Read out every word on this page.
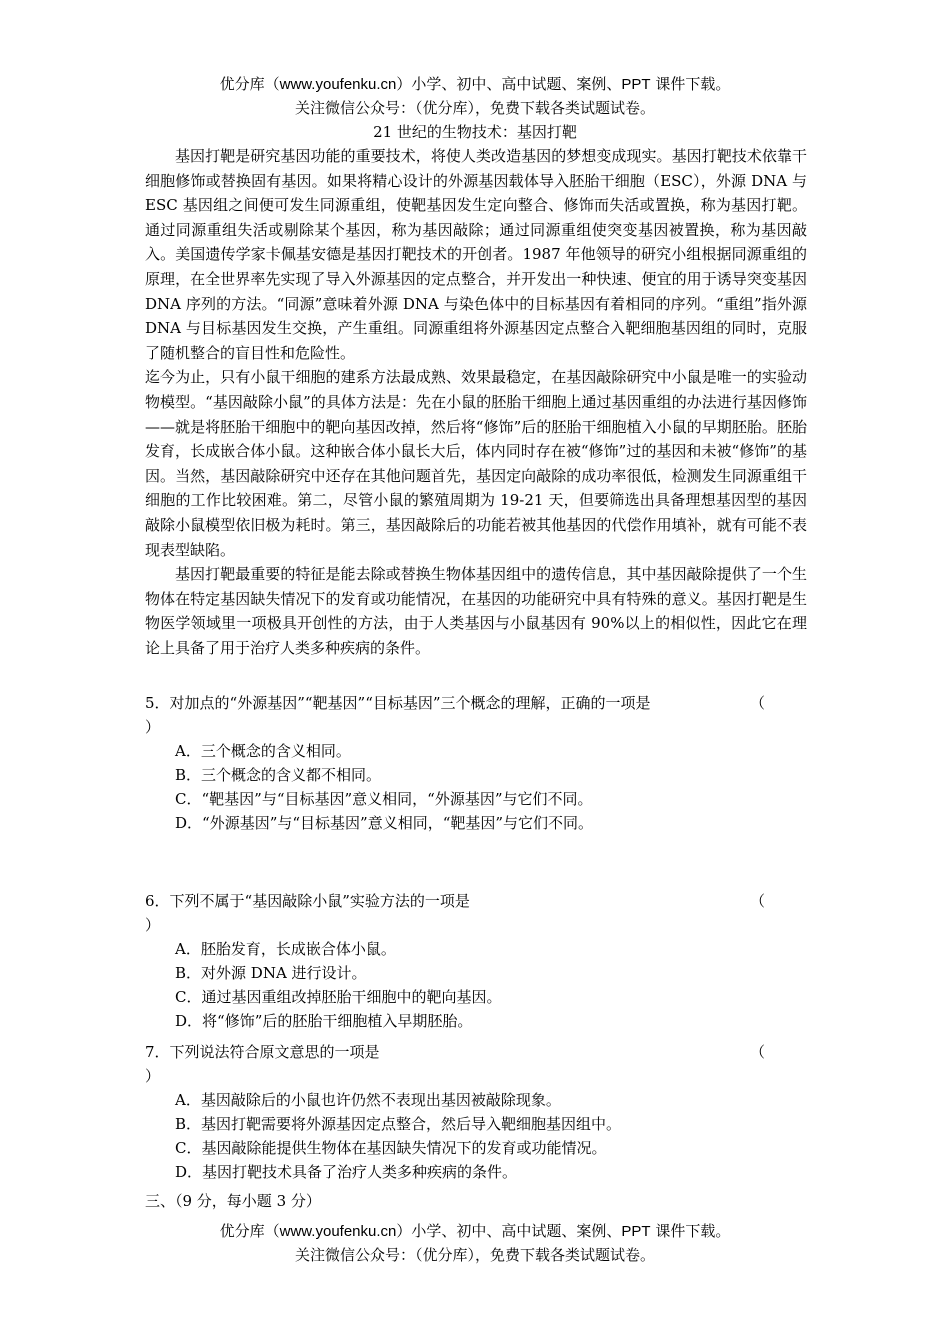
优分库（www.youfenku.cn）小学、初中、高中试题、案例、PPT 课件下载。
关注微信公众号：（优分库），免费下载各类试题试卷。
21 世纪的生物技术：基因打靶

基因打靶是研究基因功能的重要技术，将使人类改造基因的梦想变成现实。基因打靶技术依靠干细胞修饰或替换固有基因。如果将精心设计的外源基因载体导入胚胎干细胞（ESC），外源 DNA 与 ESC 基因组之间便可发生同源重组，使靶基因发生定向整合、修饰而失活或置换，称为基因打靶。通过同源重组失活或剔除某个基因，称为基因敲除；通过同源重组使突变基因被置换，称为基因敲入。美国遗传学家卡佩基安德是基因打靶技术的开创者。1987 年他领导的研究小组根据同源重组的原理，在全世界率先实现了导入外源基因的定点整合，并开发出一种快速、便宜的用于诱导突变基因 DNA 序列的方法。“同源”意味着外源 DNA 与染色体中的目标基因有着相同的序列。“重组”指外源 DNA 与目标基因发生交换，产生重组。同源重组将外源基因定点整合入靶细胞基因组的同时，克服了随机整合的盲目性和危险性。

迄今为止，只有小鼠干细胞的建系方法最成熟、效果最稳定，在基因敲除研究中小鼠是唯一的实验动物模型。“基因敲除小鼠”的具体方法是：先在小鼠的胚胎干细胞上通过基因重组的办法进行基因修饰——就是将胚胎干细胞中的靶向基因改掉，然后将“修饰”后的胚胎干细胞植入小鼠的早期胚胎。胚胎发育，长成嵌合体小鼠。这种嵌合体小鼠长大后，体内同时存在被“修饰”过的基因和未被“修饰”的基因。当然，基因敲除研究中还存在其他问题首先，基因定向敲除的成功率很低，检测发生同源重组干细胞的工作比较困难。第二，尽管小鼠的繁殖周期为 19-21 天，但要筛选出具备理想基因型的基因敲除小鼠模型依旧极为耗时。第三，基因敲除后的功能若被其他基因的代偿作用填补，就有可能不表现表型缺陷。

基因打靶最重要的特征是能去除或替换生物体基因组中的遗传信息，其中基因敲除提供了一个生物体在特定基因缺失情况下的发育或功能情况，在基因的功能研究中具有特殊的意义。基因打靶是生物医学领域里一项极具开创性的方法，由于人类基因与小鼠基因有 90%以上的相似性，因此它在理论上具备了用于治疗人类多种疾病的条件。

5．对加点的“外源基因”“靶基因”“目标基因”三个概念的理解，正确的一项是	（
）
A．三个概念的含义相同。
B．三个概念的含义都不相同。
C．“靶基因”与“目标基因”意义相同，“外源基因”与它们不同。
D．“外源基因”与“目标基因”意义相同，“靶基因”与它们不同。
6．下列不属于“基因敲除小鼠”实验方法的一项是	（
）
A．胚胎发育，长成嵌合体小鼠。
B．对外源 DNA 进行设计。
C．通过基因重组改掉胚胎干细胞中的靶向基因。
D．将“修饰”后的胚胎干细胞植入早期胚胎。
7．下列说法符合原文意思的一项是	（
）
A．基因敲除后的小鼠也许仍然不表现出基因被敲除现象。
B．基因打靶需要将外源基因定点整合，然后导入靶细胞基因组中。
C．基因敲除能提供生物体在基因缺失情况下的发育或功能情况。
D．基因打靶技术具备了治疗人类多种疾病的条件。
三、（9 分，每小题 3 分）
优分库（www.youfenku.cn）小学、初中、高中试题、案例、PPT 课件下载。
关注微信公众号：（优分库），免费下载各类试题试卷。
